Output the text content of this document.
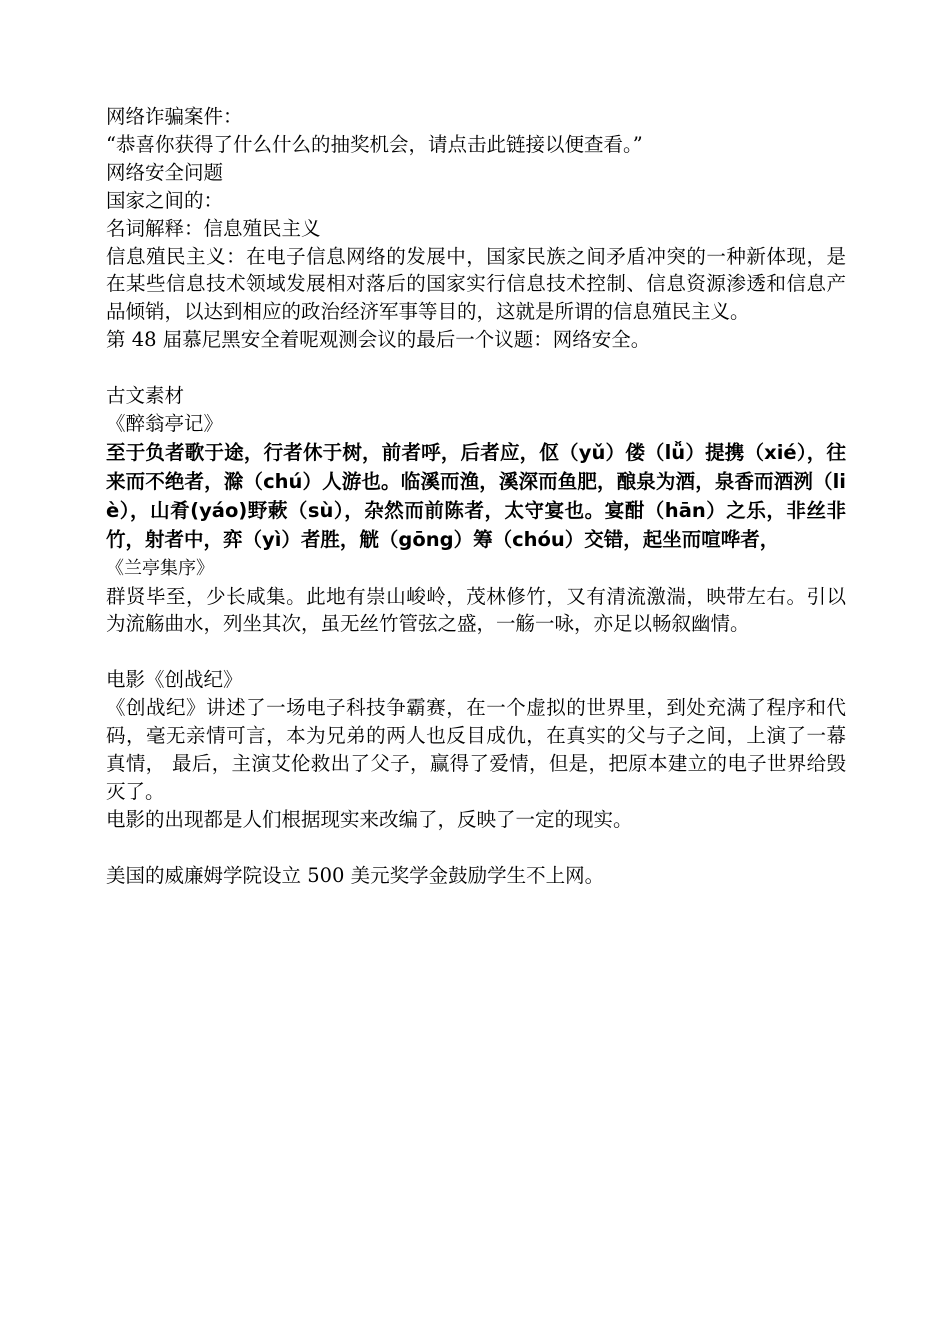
网络诈骗案件：

“恭喜你获得了什么什么的抽奖机会，请点击此链接以便查看。”

网络安全问题

国家之间的：

名词解释：信息殖民主义

信息殖民主义：在电子信息网络的发展中，国家民族之间矛盾冲突的一种新体现，是在某些信息技术领域发展相对落后的国家实行信息技术控制、信息资源渗透和信息产品倾销，以达到相应的政治经济军事等目的，这就是所谓的信息殖民主义。

第 48 届慕尼黑安全着呢观测会议的最后一个议题：网络安全。

古文素材

《醉翁亭记》

至于负者歌于途，行者休于树，前者呼，后者应，伛（yǔ）偻（lǚ）提携（xié），往来而不绝者，滁（chú）人游也。临溪而渔，溪深而鱼肥，酿泉为酒，泉香而酒洌（liè），山肴(yáo)野蔌（sù），杂然而前陈者，太守宴也。宴酣（hān）之乐，非丝非竹，射者中，弈（yì）者胜，觥（gōng）筹（chóu）交错，起坐而喧哗者，

《兰亭集序》

群贤毕至，少长咸集。此地有崇山峻岭，茂林修竹，又有清流激湍，映带左右。引以为流觞曲水，列坐其次，虽无丝竹管弦之盛，一觞一咏，亦足以畅叙幽情。

电影《创战纪》

《创战纪》讲述了一场电子科技争霸赛，在一个虚拟的世界里，到处充满了程序和代码，毫无亲情可言，本为兄弟的两人也反目成仇，在真实的父与子之间，上演了一幕真情， 最后，主演艾伦救出了父子，赢得了爱情，但是，把原本建立的电子世界给毁灭了。

电影的出现都是人们根据现实来改编了，反映了一定的现实。

美国的威廉姆学院设立 500 美元奖学金鼓励学生不上网。
